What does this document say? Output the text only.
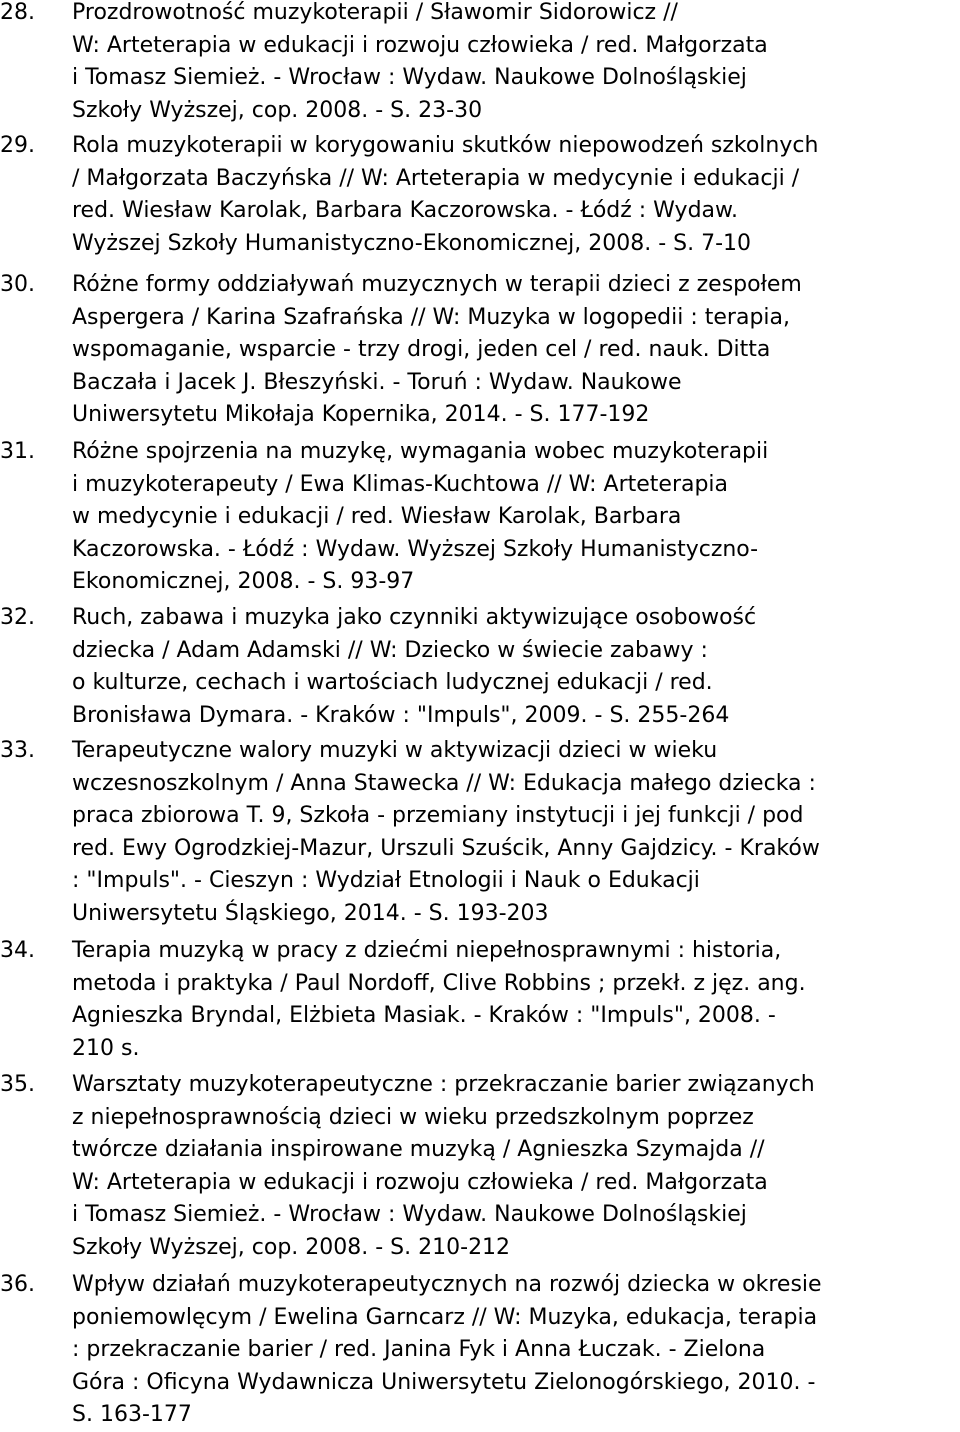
28. Prozdrowotność muzykoterapii / Sławomir Sidorowicz //
W: Arteterapia w edukacji i rozwoju człowieka / red. Małgorzata
i Tomasz Siemież. - Wrocław : Wydaw. Naukowe Dolnośląskiej
Szkoły Wyższej, cop. 2008. - S. 23-30
29. Rola muzykoterapii w korygowaniu skutków niepowodzeń szkolnych
/ Małgorzata Baczyńska // W: Arteterapia w medycynie i edukacji /
red. Wiesław Karolak, Barbara Kaczorowska. - Łódź : Wydaw.
Wyższej Szkoły Humanistyczno-Ekonomicznej, 2008. - S. 7-10
30. Różne formy oddziaływań muzycznych w terapii dzieci z zespołem
Aspergera / Karina Szafrańska // W: Muzyka w logopedii : terapia,
wspomaganie, wsparcie - trzy drogi, jeden cel / red. nauk. Ditta
Baczała i Jacek J. Błeszyński. - Toruń : Wydaw. Naukowe
Uniwersytetu Mikołaja Kopernika, 2014. - S. 177-192
31. Różne spojrzenia na muzykę, wymagania wobec muzykoterapii
i muzykoterapeuty / Ewa Klimas-Kuchtowa // W: Arteterapia
w medycynie i edukacji / red. Wiesław Karolak, Barbara
Kaczorowska. - Łódź : Wydaw. Wyższej Szkoły Humanistyczno-
Ekonomicznej, 2008. - S. 93-97
32. Ruch, zabawa i muzyka jako czynniki aktywizujące osobowość
dziecka / Adam Adamski // W: Dziecko w świecie zabawy :
o kulturze, cechach i wartościach ludycznej edukacji / red.
Bronisława Dymara. - Kraków : "Impuls", 2009. - S. 255-264
33. Terapeutyczne walory muzyki w aktywizacji dzieci w wieku
wczesnoszkolnym / Anna Stawecka // W: Edukacja małego dziecka :
praca zbiorowa T. 9, Szkoła - przemiany instytucji i jej funkcji / pod
red. Ewy Ogrodzkiej-Mazur, Urszuli Szuścik, Anny Gajdzicy. - Kraków
: "Impuls". - Cieszyn : Wydział Etnologii i Nauk o Edukacji
Uniwersytetu Śląskiego, 2014. - S. 193-203
34. Terapia muzyką w pracy z dziećmi niepełnosprawnymi : historia,
metoda i praktyka / Paul Nordoff, Clive Robbins ; przekł. z jęz. ang.
Agnieszka Bryndal, Elżbieta Masiak. - Kraków : "Impuls", 2008. -
210 s.
35. Warsztaty muzykoterapeutyczne : przekraczanie barier związanych
z niepełnosprawnością dzieci w wieku przedszkolnym poprzez
twórcze działania inspirowane muzyką / Agnieszka Szymajda //
W: Arteterapia w edukacji i rozwoju człowieka / red. Małgorzata
i Tomasz Siemież. - Wrocław : Wydaw. Naukowe Dolnośląskiej
Szkoły Wyższej, cop. 2008. - S. 210-212
36. Wpływ działań muzykoterapeutycznych na rozwój dziecka w okresie
poniemowlęcym / Ewelina Garncarz // W: Muzyka, edukacja, terapia
: przekraczanie barier / red. Janina Fyk i Anna Łuczak. - Zielona
Góra : Oficyna Wydawnicza Uniwersytetu Zielonogórskiego, 2010. -
S. 163-177
